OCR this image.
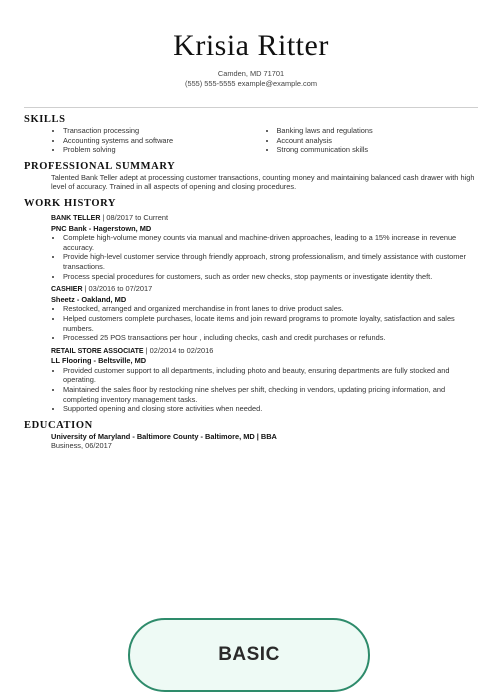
Krisia Ritter
Camden, MD 71701
(555) 555-5555 example@example.com
SKILLS
• Transaction processing
• Accounting systems and software
• Problem solving
• Banking laws and regulations
• Account analysis
• Strong communication skills
PROFESSIONAL SUMMARY
Talented Bank Teller adept at processing customer transactions, counting money and maintaining balanced cash drawer with high level of accuracy. Trained in all aspects of opening and closing procedures.
WORK HISTORY
BANK TELLER | 08/2017 to Current
PNC Bank - Hagerstown, MD
• Complete high-volume money counts via manual and machine-driven approaches, leading to a 15% increase in revenue accuracy.
• Provide high-level customer service through friendly approach, strong professionalism, and timely assistance with customer transactions.
• Process special procedures for customers, such as order new checks, stop payments or investigate identity theft.
CASHIER | 03/2016 to 07/2017
Sheetz - Oakland, MD
• Restocked, arranged and organized merchandise in front lanes to drive product sales.
• Helped customers complete purchases, locate items and join reward programs to promote loyalty, satisfaction and sales numbers.
• Processed 25 POS transactions per hour , including checks, cash and credit purchases or refunds.
RETAIL STORE ASSOCIATE | 02/2014 to 02/2016
LL Flooring - Beltsville, MD
• Provided customer support to all departments, including photo and beauty, ensuring departments are fully stocked and operating.
• Maintained the sales floor by restocking nine shelves per shift, checking in vendors, updating pricing information, and completing inventory management tasks.
• Supported opening and closing store activities when needed.
EDUCATION
University of Maryland - Baltimore County - Baltimore, MD | BBA
Business, 06/2017
BASIC
